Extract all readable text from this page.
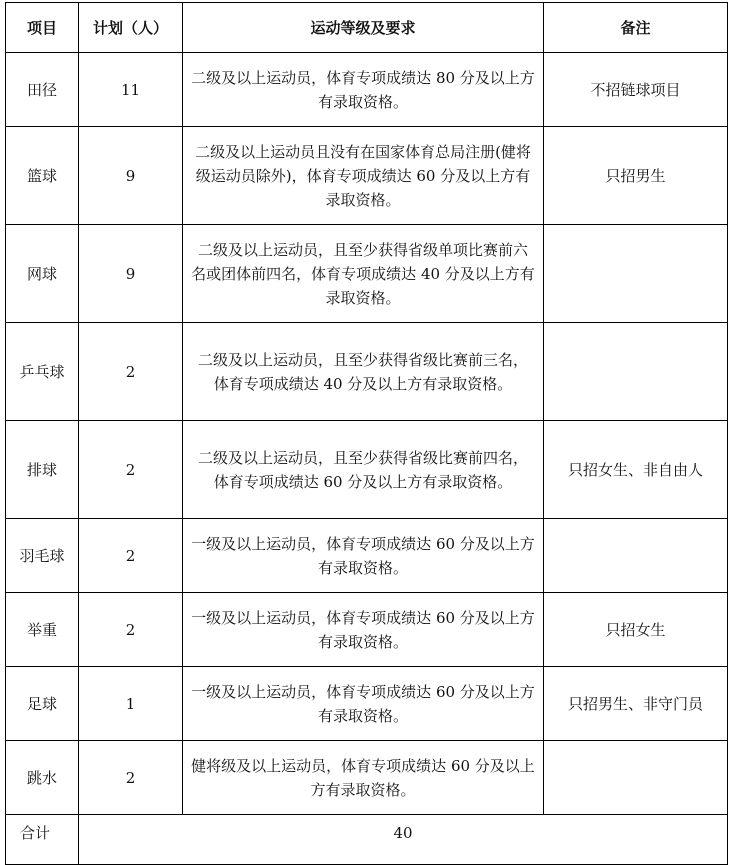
项目	计划（人）	运动等级及要求	备注
田径	11	二级及以上运动员，体育专项成绩达 80 分及以上方有录取资格。	不招链球项目
篮球	9	二级及以上运动员且没有在国家体育总局注册(健将级运动员除外)，体育专项成绩达 60 分及以上方有录取资格。	只招男生
网球	9	二级及以上运动员，且至少获得省级单项比赛前六名或团体前四名，体育专项成绩达 40 分及以上方有录取资格。	
乒乓球	2	二级及以上运动员，且至少获得省级比赛前三名，体育专项成绩达 40 分及以上方有录取资格。	
排球	2	二级及以上运动员，且至少获得省级比赛前四名，体育专项成绩达 60 分及以上方有录取资格。	只招女生、非自由人
羽毛球	2	一级及以上运动员，体育专项成绩达 60 分及以上方有录取资格。	
举重	2	一级及以上运动员，体育专项成绩达 60 分及以上方有录取资格。	只招女生
足球	1	一级及以上运动员，体育专项成绩达 60 分及以上方有录取资格。	只招男生、非守门员
跳水	2	健将级及以上运动员，体育专项成绩达 60 分及以上方有录取资格。	
合计	40		
